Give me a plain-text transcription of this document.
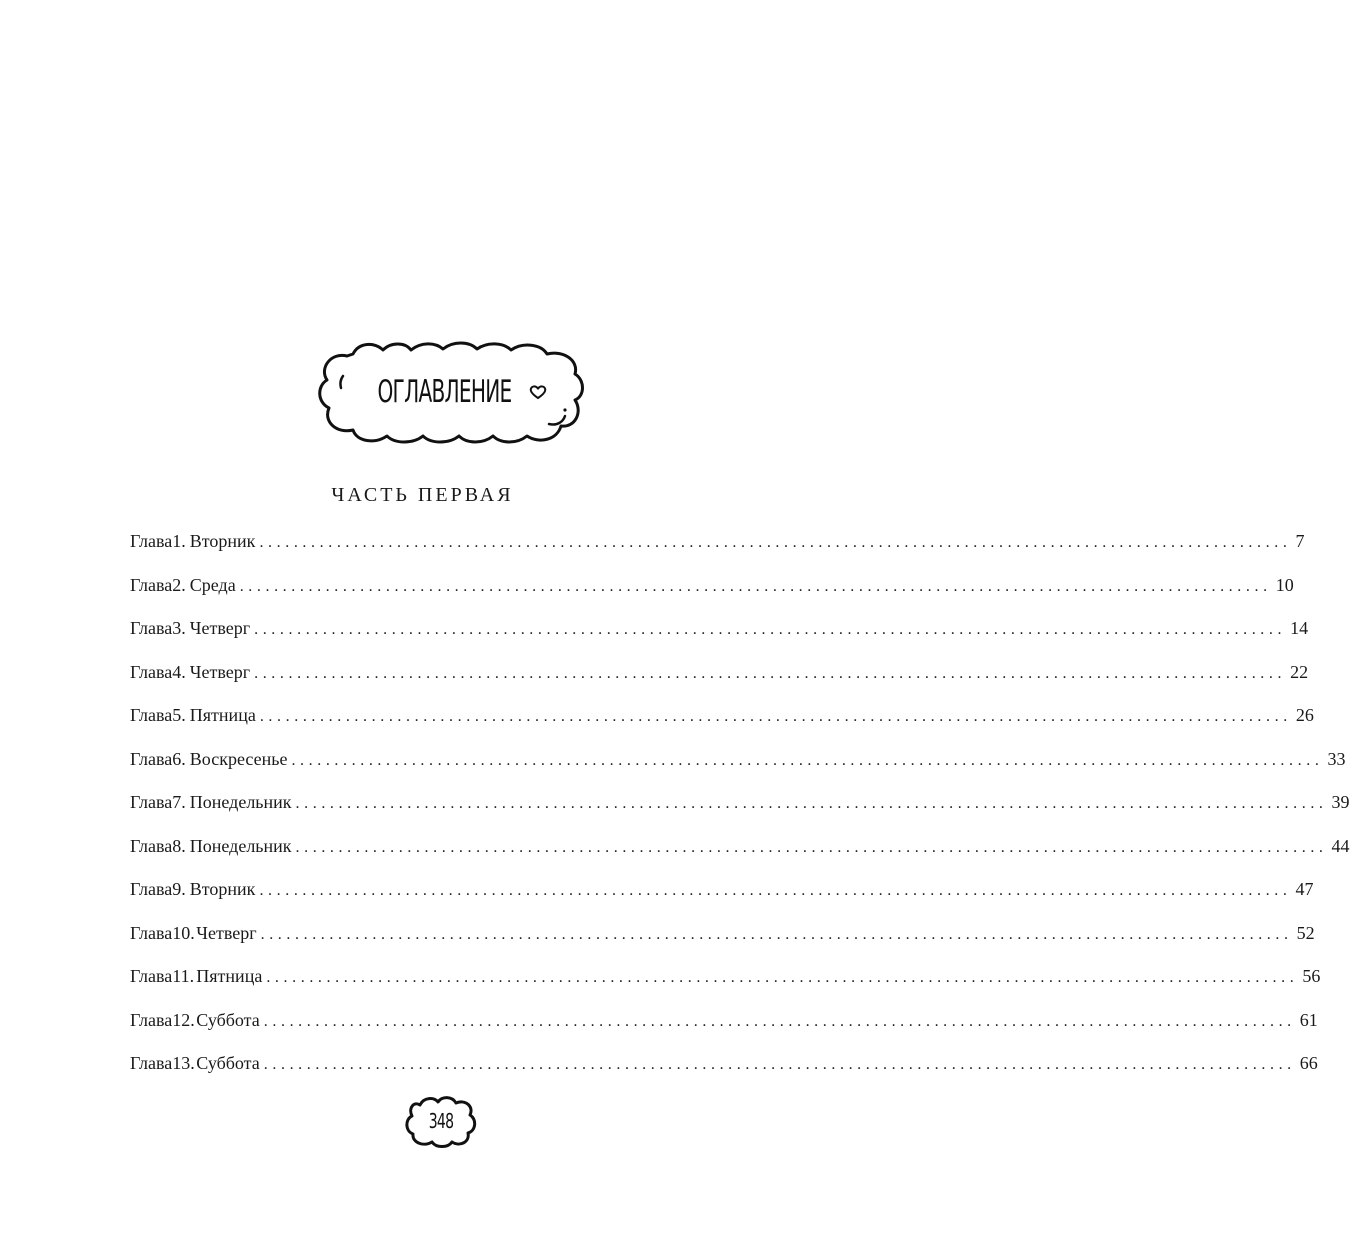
ОГЛАВЛЕНИЕ
ЧАСТЬ ПЕРВАЯ
Глава 1. Вторник ........................................................................................................................ 7
Глава 2. Среда ........................................................................................................................ 10
Глава 3. Четверг ........................................................................................................................ 14
Глава 4. Четверг ........................................................................................................................ 22
Глава 5. Пятница ........................................................................................................................ 26
Глава 6. Воскресенье ........................................................................................................................ 33
Глава 7. Понедельник ........................................................................................................................ 39
Глава 8. Понедельник ........................................................................................................................ 44
Глава 9. Вторник ........................................................................................................................ 47
Глава 10. Четверг ........................................................................................................................ 52
Глава 11. Пятница ........................................................................................................................ 56
Глава 12. Суббота ........................................................................................................................ 61
Глава 13. Суббота ........................................................................................................................ 66
348
